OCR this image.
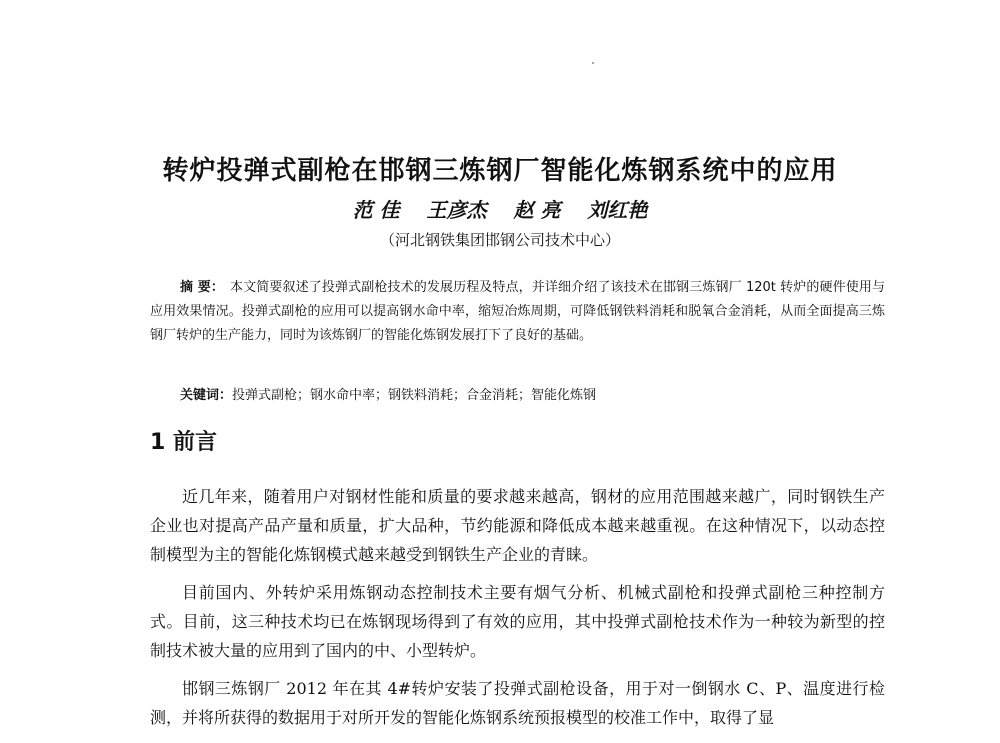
转炉投弹式副枪在邯钢三炼钢厂智能化炼钢系统中的应用
范 佳 王彦杰 赵 亮 刘红艳
（河北钢铁集团邯钢公司技术中心）
摘 要： 本文简要叙述了投弹式副枪技术的发展历程及特点，并详细介绍了该技术在邯钢三炼钢厂 120t 转炉的硬件使用与应用效果情况。投弹式副枪的应用可以提高钢水命中率，缩短冶炼周期，可降低钢铁料消耗和脱氧合金消耗，从而全面提高三炼钢厂转炉的生产能力，同时为该炼钢厂的智能化炼钢发展打下了良好的基础。
关键词：投弹式副枪；钢水命中率；钢铁料消耗；合金消耗；智能化炼钢
1 前言

近几年来，随着用户对钢材性能和质量的要求越来越高，钢材的应用范围越来越广，同时钢铁生产企业也对提高产品产量和质量，扩大品种，节约能源和降低成本越来越重视。在这种情况下，以动态控制模型为主的智能化炼钢模式越来越受到钢铁生产企业的青睐。

目前国内、外转炉采用炼钢动态控制技术主要有烟气分析、机械式副枪和投弹式副枪三种控制方式。目前，这三种技术均已在炼钢现场得到了有效的应用，其中投弹式副枪技术作为一种较为新型的控制技术被大量的应用到了国内的中、小型转炉。

邯钢三炼钢厂 2012 年在其 4#转炉安装了投弹式副枪设备，用于对一倒钢水 C、P、温度进行检测，并将所获得的数据用于对所开发的智能化炼钢系统预报模型的校准工作中，取得了显
